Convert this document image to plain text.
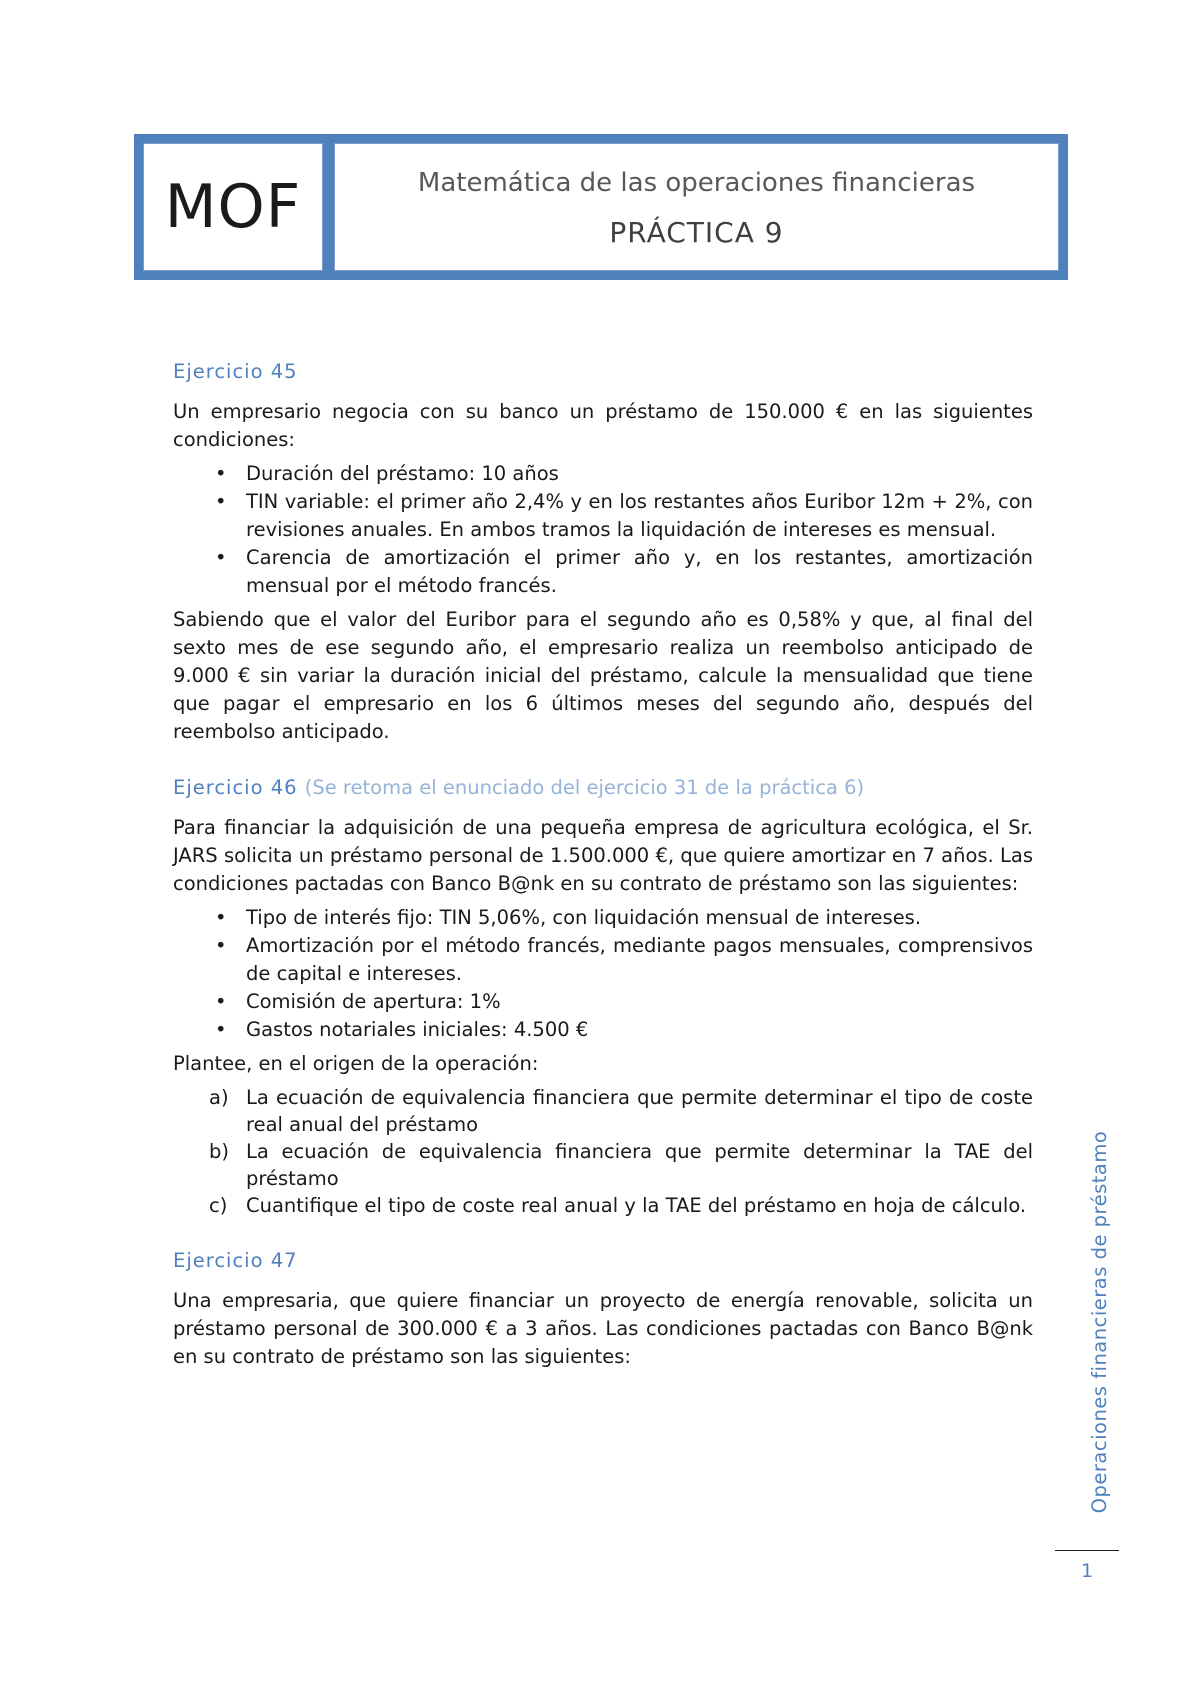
MOF	Matemática de las operaciones financieras
PRÁCTICA 9
Ejercicio 45

Un empresario negocia con su banco un préstamo de 150.000 € en las siguientes condiciones:

• Duración del préstamo: 10 años
• TIN variable: el primer año 2,4% y en los restantes años Euribor 12m + 2%, con revisiones anuales. En ambos tramos la liquidación de intereses es mensual.
• Carencia de amortización el primer año y, en los restantes, amortización mensual por el método francés.

Sabiendo que el valor del Euribor para el segundo año es 0,58% y que, al final del sexto mes de ese segundo año, el empresario realiza un reembolso anticipado de 9.000 € sin variar la duración inicial del préstamo, calcule la mensualidad que tiene que pagar el empresario en los 6 últimos meses del segundo año, después del reembolso anticipado.

Ejercicio 46 (Se retoma el enunciado del ejercicio 31 de la práctica 6)

Para financiar la adquisición de una pequeña empresa de agricultura ecológica, el Sr. JARS solicita un préstamo personal de 1.500.000 €, que quiere amortizar en 7 años. Las condiciones pactadas con Banco B@nk en su contrato de préstamo son las siguientes:

• Tipo de interés fijo: TIN 5,06%, con liquidación mensual de intereses.
• Amortización por el método francés, mediante pagos mensuales, comprensivos de capital e intereses.
• Comisión de apertura: 1%
• Gastos notariales iniciales: 4.500 €

Plantee, en el origen de la operación:

a) La ecuación de equivalencia financiera que permite determinar el tipo de coste real anual del préstamo
b) La ecuación de equivalencia financiera que permite determinar la TAE del préstamo
c) Cuantifique el tipo de coste real anual y la TAE del préstamo en hoja de cálculo.
Ejercicio 47

Una empresaria, que quiere financiar un proyecto de energía renovable, solicita un préstamo personal de 300.000 € a 3 años. Las condiciones pactadas con Banco B@nk en su contrato de préstamo son las siguientes:	Operaciones financieras de préstamo
1
